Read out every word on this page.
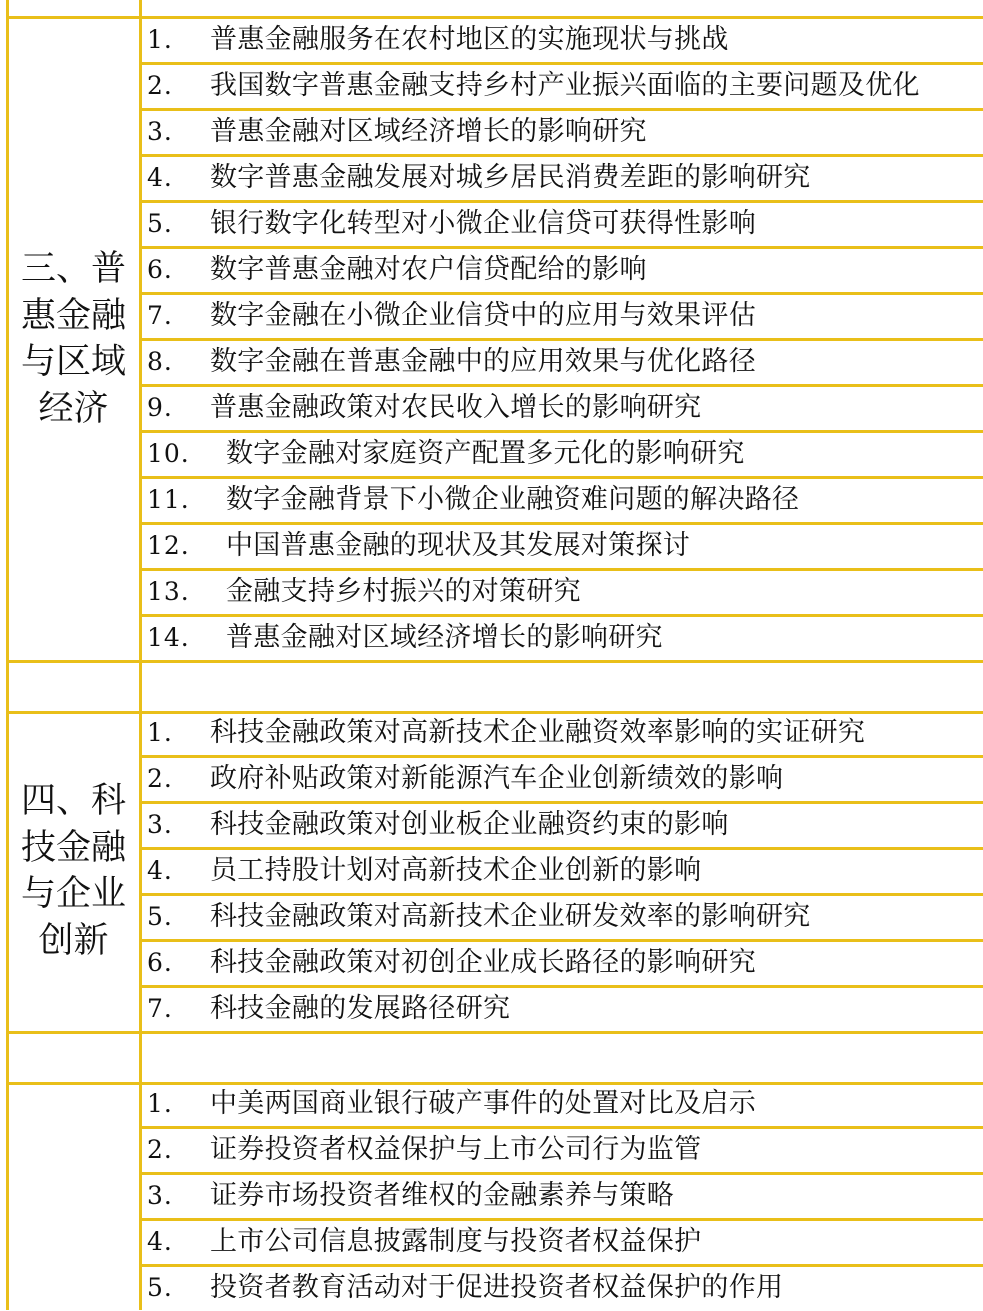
三、普惠金融与区域经济
1. 普惠金融服务在农村地区的实施现状与挑战
2. 我国数字普惠金融支持乡村产业振兴面临的主要问题及优化
3. 普惠金融对区域经济增长的影响研究
4. 数字普惠金融发展对城乡居民消费差距的影响研究
5. 银行数字化转型对小微企业信贷可获得性影响
6. 数字普惠金融对农户信贷配给的影响
7. 数字金融在小微企业信贷中的应用与效果评估
8. 数字金融在普惠金融中的应用效果与优化路径
9. 普惠金融政策对农民收入增长的影响研究
10. 数字金融对家庭资产配置多元化的影响研究
11. 数字金融背景下小微企业融资难问题的解决路径
12. 中国普惠金融的现状及其发展对策探讨
13. 金融支持乡村振兴的对策研究
14. 普惠金融对区域经济增长的影响研究
四、科技金融与企业创新
1. 科技金融政策对高新技术企业融资效率影响的实证研究
2. 政府补贴政策对新能源汽车企业创新绩效的影响
3. 科技金融政策对创业板企业融资约束的影响
4. 员工持股计划对高新技术企业创新的影响
5. 科技金融政策对高新技术企业研发效率的影响研究
6. 科技金融政策对初创企业成长路径的影响研究
7. 科技金融的发展路径研究
1. 中美两国商业银行破产事件的处置对比及启示
2. 证券投资者权益保护与上市公司行为监管
3. 证券市场投资者维权的金融素养与策略
4. 上市公司信息披露制度与投资者权益保护
5. 投资者教育活动对于促进投资者权益保护的作用
